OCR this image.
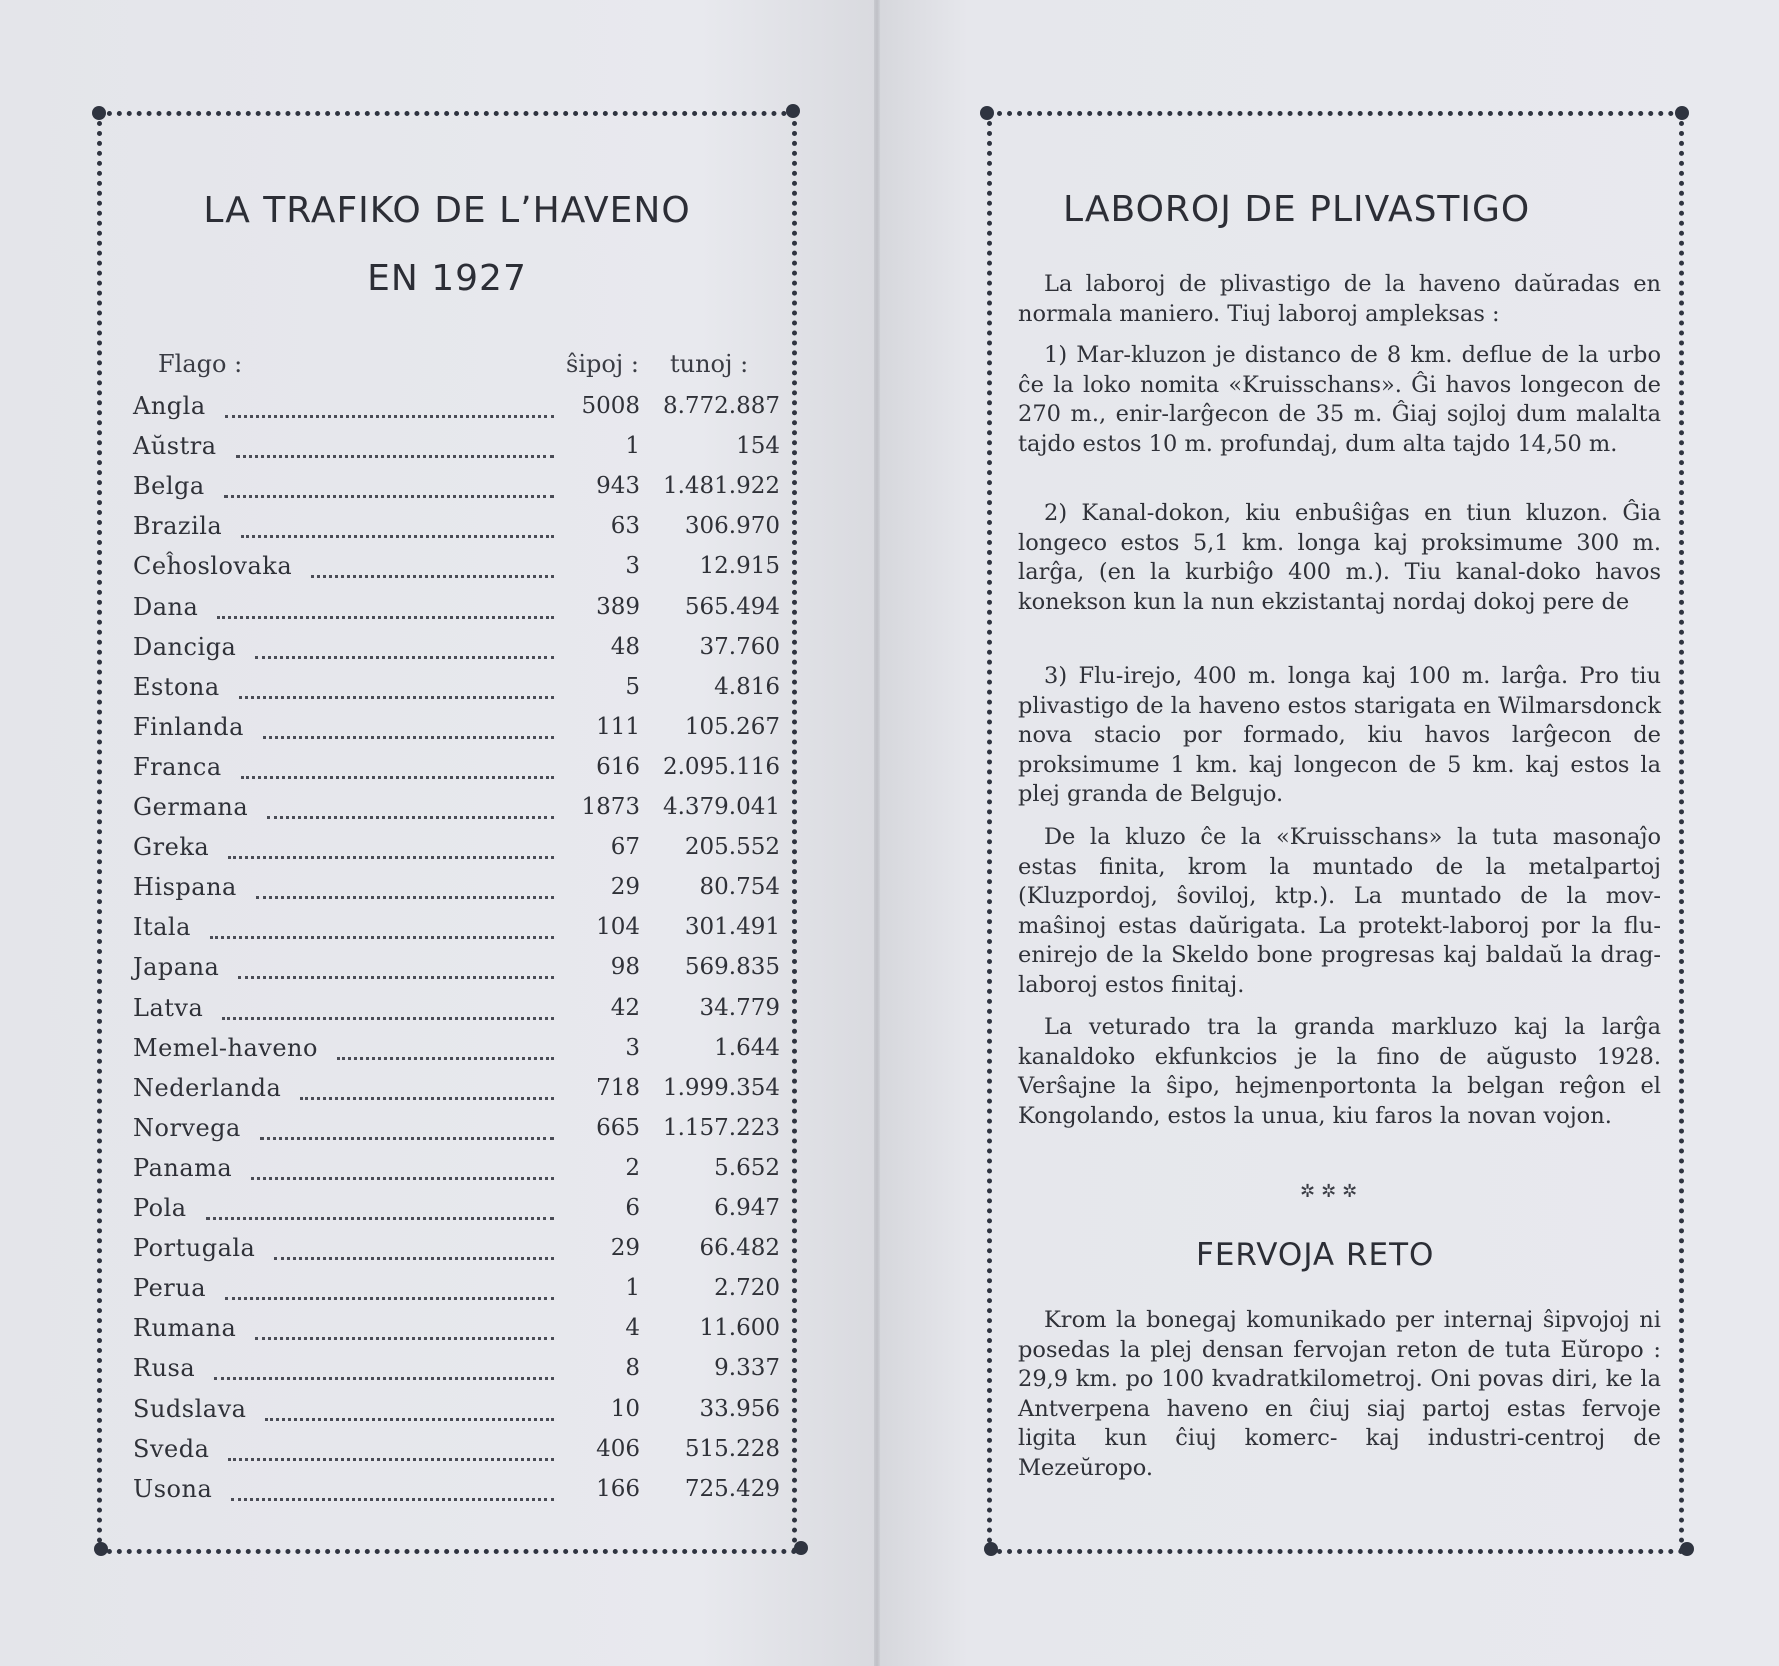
LA TRAFIKO DE L’HAVENO
EN 1927
Flago :	ŝipoj : tunoj :
Angla	5008 8.772.887
Aŭstra	1	154
Belga	943 1.481.922
Brazila	63	306.970
Ceĥoslovaka	3	12.915
Dana	389	565.494
Danciga	48	37.760
Estona	5	4.816
Finlanda	111	105.267
Franca	616 2.095.116
Germana	1873 4.379.041
Greka	67	205.552
Hispana	29	80.754
Itala	104	301.491
Japana	98	569.835
Latva	42	34.779
Memel-haveno	3	1.644
Nederlanda	718 1.999.354
Norvega	665 1.157.223
Panama	2	5.652
Pola	6	6.947
Portugala	29	66.482
Perua	1	2.720
Rumana	4	11.600
Rusa	8	9.337
Sudslava	10	33.956
Sveda	406	515.228
Usona	166	725.429
LABOROJ DE PLIVASTIGO
La laboroj de plivastigo de la haveno daŭradas en normala maniero. Tiuj laboroj ampleksas :
1) Mar-kluzon je distanco de 8 km. deflue de la urbo ĉe la loko nomita «Kruisschans». Ĝi havos longecon de 270 m., enir-larĝecon de 35 m. Ĝiaj sojloj dum malalta tajdo estos 10 m. profundaj, dum alta tajdo 14,50 m.
2) Kanal-dokon, kiu enbuŝiĝas en tiun kluzon. Ĝia longeco estos 5,1 km. longa kaj proksimume 300 m. larĝa, (en la kurbiĝo 400 m.). Tiu kanal-doko havos konekson kun la nun ekzistantaj nordaj dokoj pere de
3) Flu-irejo, 400 m. longa kaj 100 m. larĝa. Pro tiu plivastigo de la haveno estos starigata en Wilmarsdonck nova stacio por formado, kiu havos larĝecon de proksimume 1 km. kaj longecon de 5 km. kaj estos la plej granda de Belgujo.
De la kluzo ĉe la «Kruisschans» la tuta masonaĵo estas finita, krom la muntado de la metalpartoj (Kluzpordoj, ŝoviloj, ktp.). La muntado de la mov-maŝinoj estas daŭrigata. La protekt-laboroj por la flu-enirejo de la Skeldo bone progresas kaj baldaŭ la drag-laboroj estos finitaj.
La veturado tra la granda markluzo kaj la larĝa kanaldoko ekfunkcios je la fino de aŭgusto 1928. Verŝajne la ŝipo, hejmenportonta la belgan reĝon el Kongolando, estos la unua, kiu faros la novan vojon.
✲✲✲
FERVOJA RETO
Krom la bonegaj komunikado per internaj ŝipvojoj ni posedas la plej densan fervojan reton de tuta Eŭropo : 29,9 km. po 100 kvadratkilometroj. Oni povas diri, ke la Antverpena haveno en ĉiuj siaj partoj estas fervoje ligita kun ĉiuj komerc- kaj industri-centroj de Mezeŭropo.
